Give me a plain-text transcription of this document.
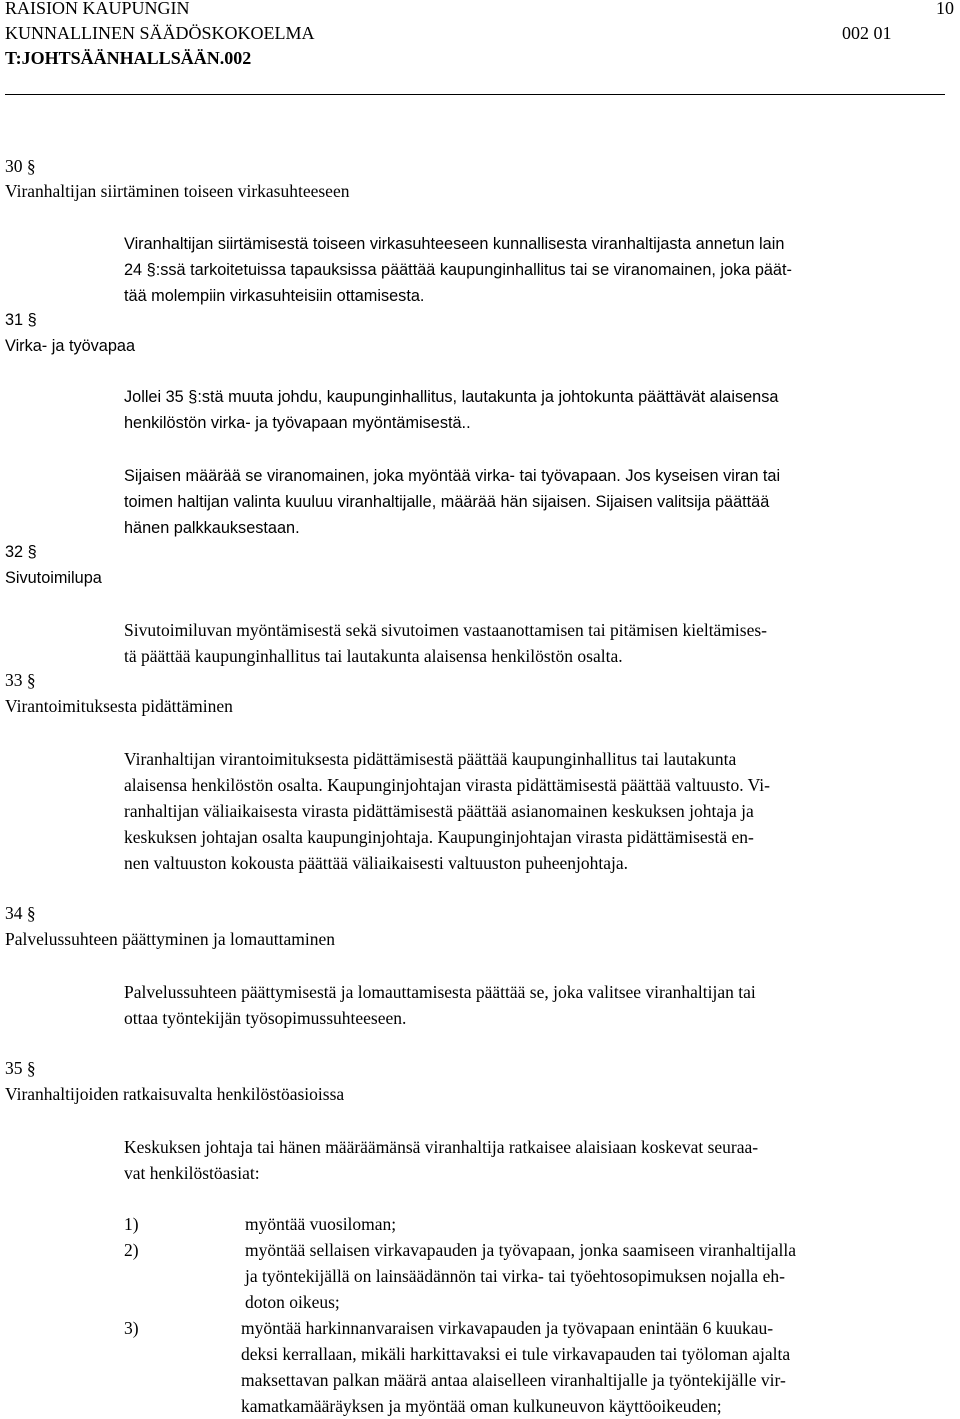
RAISION KAUPUNGIN	10
KUNNALLINEN SÄÄDÖSKOKOELMA	002 01
T:JOHTSÄÄNHALLSÄÄN.002
30 §
Viranhaltijan siirtäminen toiseen virkasuhteeseen
Viranhaltijan siirtämisestä toiseen virkasuhteeseen kunnallisesta viranhaltijasta annetun lain
24 §:ssä tarkoitetuissa tapauksissa päättää kaupunginhallitus tai se viranomainen, joka päät-
tää molempiin virkasuhteisiin ottamisesta.
31 §
Virka- ja työvapaa
Jollei 35 §:stä muuta johdu, kaupunginhallitus, lautakunta ja johtokunta päättävät alaisensa
henkilöstön virka- ja työvapaan myöntämisestä..
Sijaisen määrää se viranomainen, joka myöntää virka- tai työvapaan. Jos kyseisen viran tai
toimen haltijan valinta kuuluu viranhaltijalle, määrää hän sijaisen. Sijaisen valitsija päättää
hänen palkkauksestaan.
32 §
Sivutoimilupa
Sivutoimiluvan myöntämisestä sekä sivutoimen vastaanottamisen tai pitämisen kieltämises-
tä päättää kaupunginhallitus tai lautakunta alaisensa henkilöstön osalta.
33 §
Virantoimituksesta pidättäminen
Viranhaltijan virantoimituksesta pidättämisestä päättää kaupunginhallitus tai lautakunta
alaisensa henkilöstön osalta. Kaupunginjohtajan virasta pidättämisestä päättää valtuusto. Vi-
ranhaltijan väliaikaisesta virasta pidättämisestä päättää asianomainen keskuksen johtaja ja
keskuksen johtajan osalta kaupunginjohtaja. Kaupunginjohtajan virasta pidättämisestä en-
nen valtuuston kokousta päättää väliaikaisesti valtuuston puheenjohtaja.
34 §
Palvelussuhteen päättyminen ja lomauttaminen
Palvelussuhteen päättymisestä ja lomauttamisesta päättää se, joka valitsee viranhaltijan tai
ottaa työntekijän työsopimussuhteeseen.
35 §
Viranhaltijoiden ratkaisuvalta henkilöstöasioissa
Keskuksen johtaja tai hänen määräämänsä viranhaltija ratkaisee alaisiaan koskevat seuraa-
vat henkilöstöasiat:
1)	myöntää vuosiloman;
2)	myöntää sellaisen virkavapauden ja työvapaan, jonka saamiseen viranhaltijalla
ja työntekijällä on lainsäädännön tai virka- tai työehtosopimuksen nojalla eh-
doton oikeus;
3)	myöntää harkinnanvaraisen virkavapauden ja työvapaan enintään 6 kuukau-
deksi kerrallaan, mikäli harkittavaksi ei tule virkavapauden tai työloman ajalta
maksettavan palkan määrä antaa alaiselleen viranhaltijalle ja työntekijälle vir-
kamatkamääräyksen ja myöntää oman kulkuneuvon käyttöoikeuden;
